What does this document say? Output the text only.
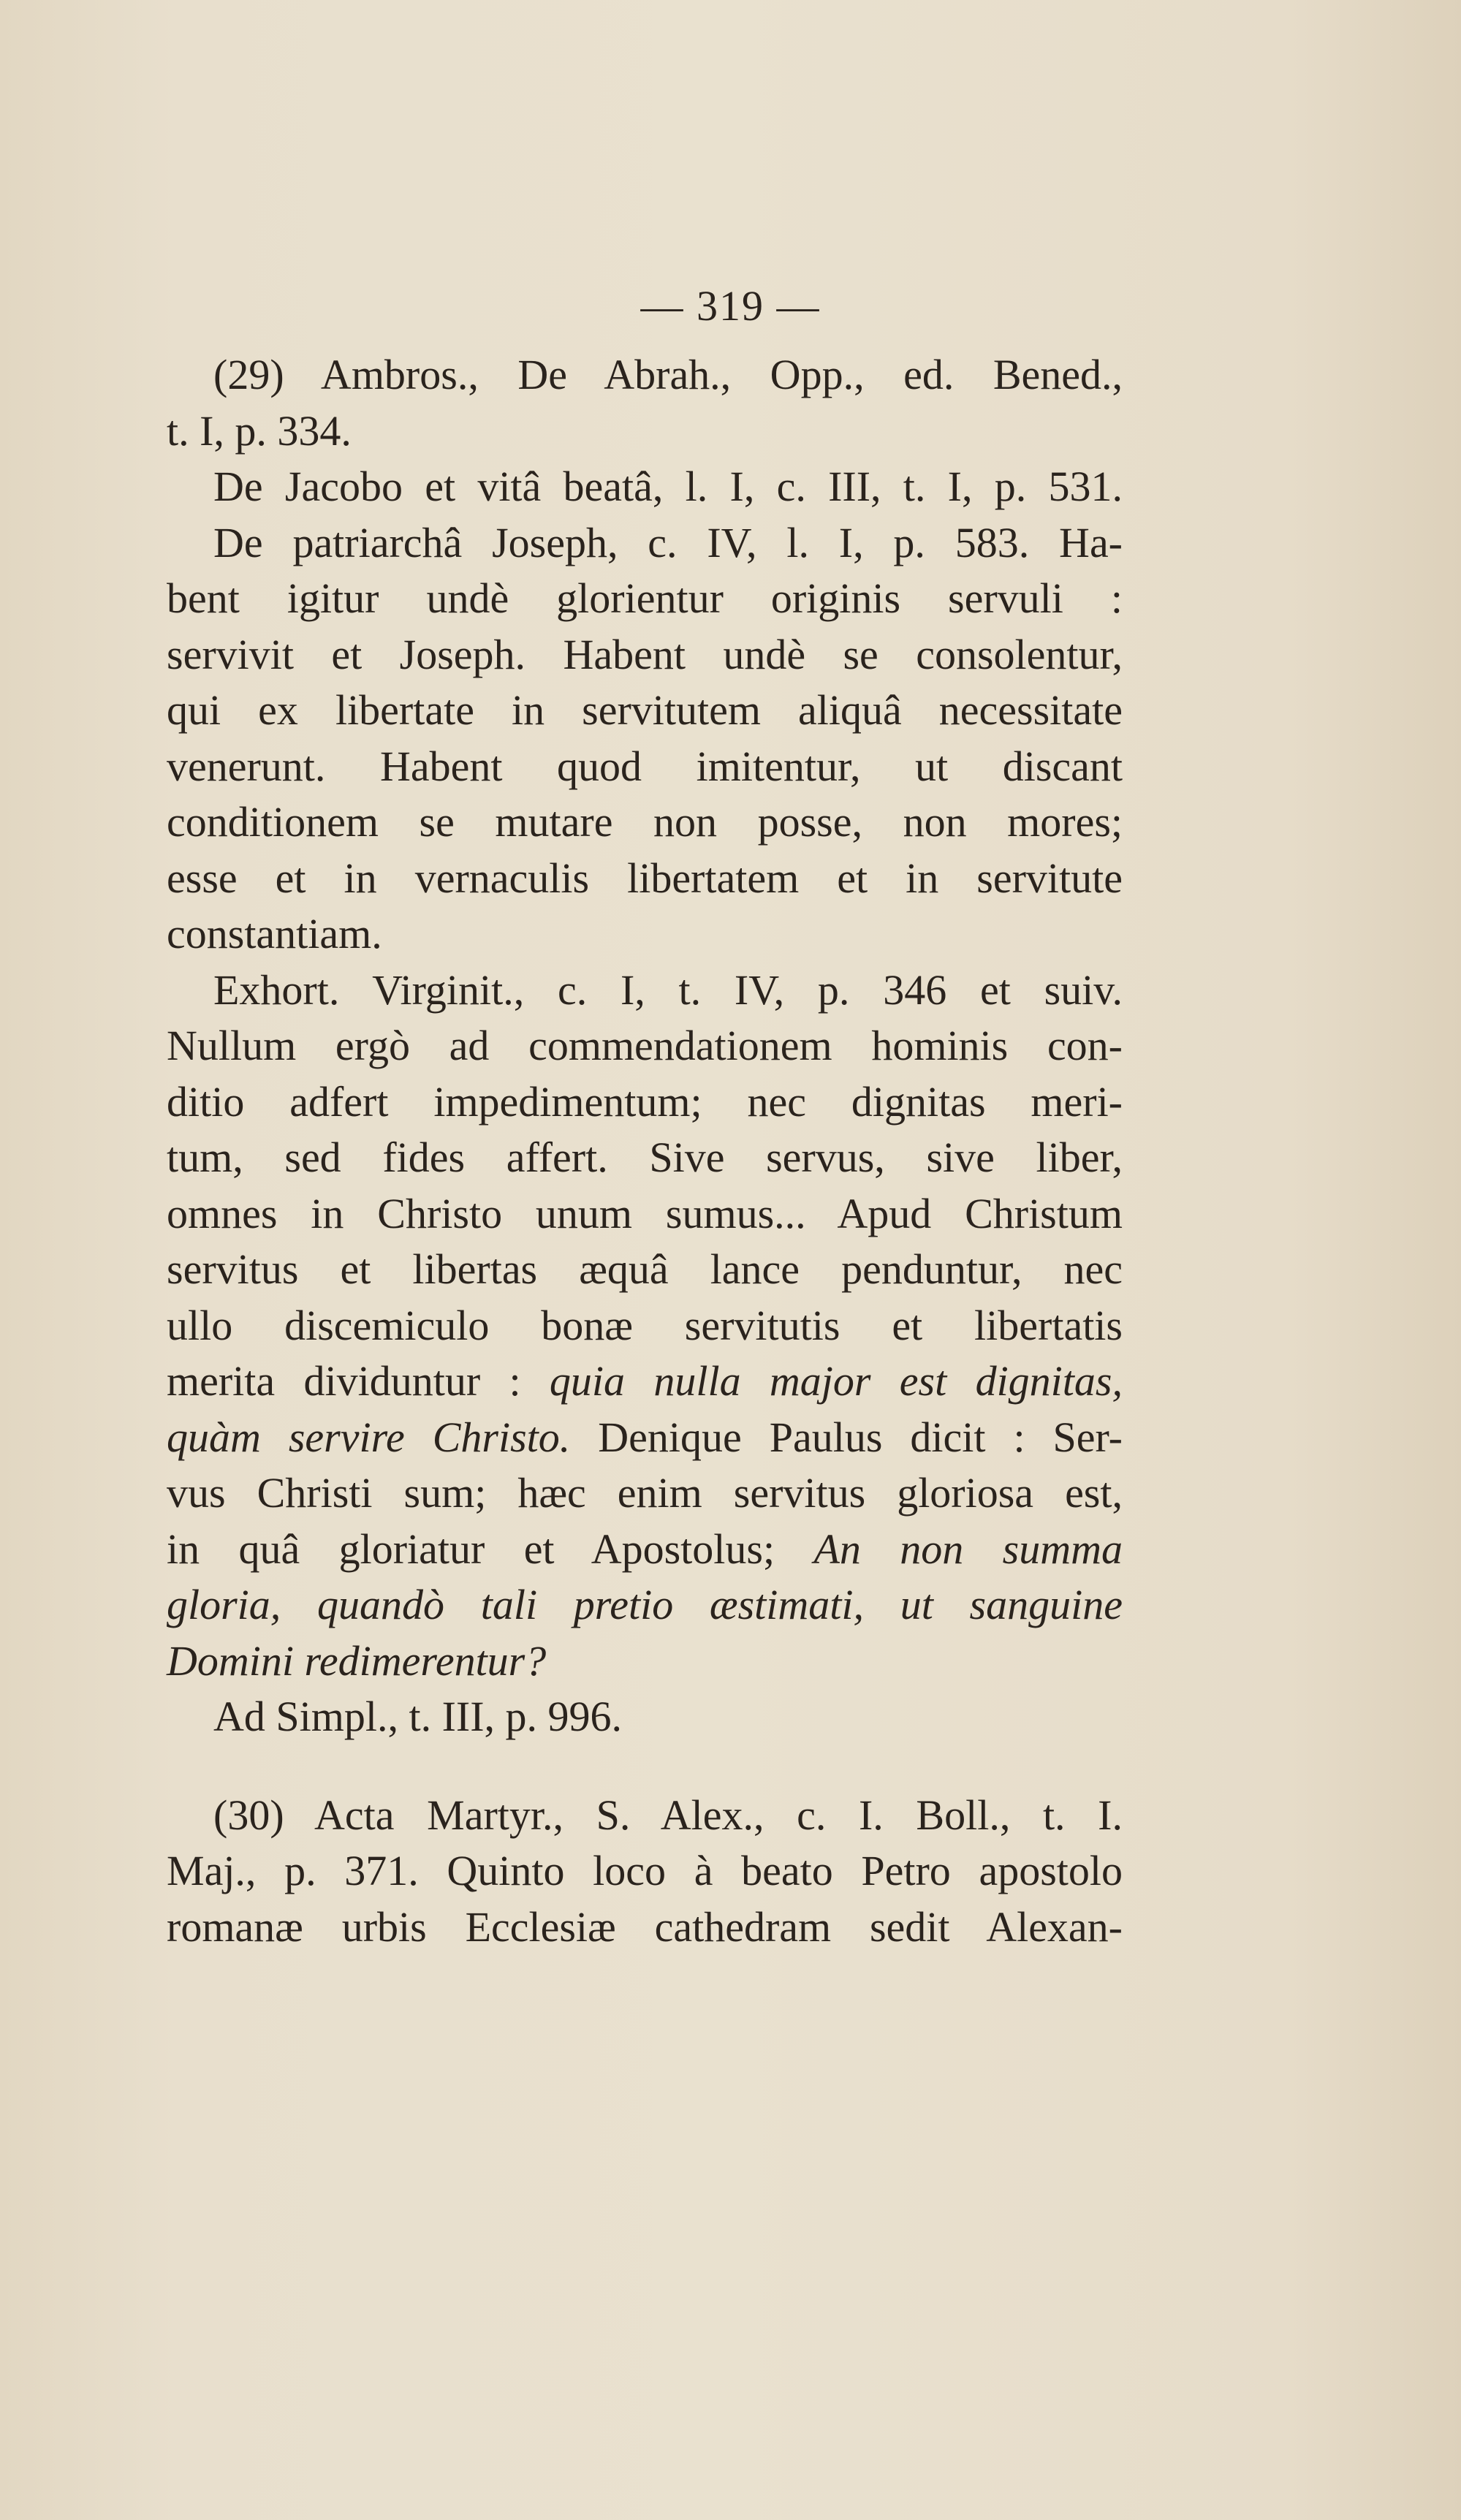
— 319 —
(29) Ambros., De Abrah., Opp., ed. Bened.,
t. I, p. 334.
De Jacobo et vitâ beatâ, l. I, c. III, t. I, p. 531.
De patriarchâ Joseph, c. IV, l. I, p. 583. Ha-
bent igitur undè glorientur originis servuli :
servivit et Joseph. Habent undè se consolentur,
qui ex libertate in servitutem aliquâ necessitate
venerunt. Habent quod imitentur, ut discant
conditionem se mutare non posse, non mores;
esse et in vernaculis libertatem et in servitute
constantiam.
Exhort. Virginit., c. I, t. IV, p. 346 et suiv.
Nullum ergò ad commendationem hominis con-
ditio adfert impedimentum; nec dignitas meri-
tum, sed fides affert. Sive servus, sive liber,
omnes in Christo unum sumus... Apud Christum
servitus et libertas æquâ lance penduntur, nec
ullo discemiculo bonæ servitutis et libertatis
merita dividuntur : quia nulla major est dignitas,
quàm servire Christo. Denique Paulus dicit : Ser-
vus Christi sum; hæc enim servitus gloriosa est,
in quâ gloriatur et Apostolus; An non summa
gloria, quandò tali pretio æstimati, ut sanguine
Domini redimerentur?
Ad Simpl., t. III, p. 996.
(30) Acta Martyr., S. Alex., c. I. Boll., t. I.
Maj., p. 371. Quinto loco à beato Petro apostolo
romanæ urbis Ecclesiæ cathedram sedit Alexan-
